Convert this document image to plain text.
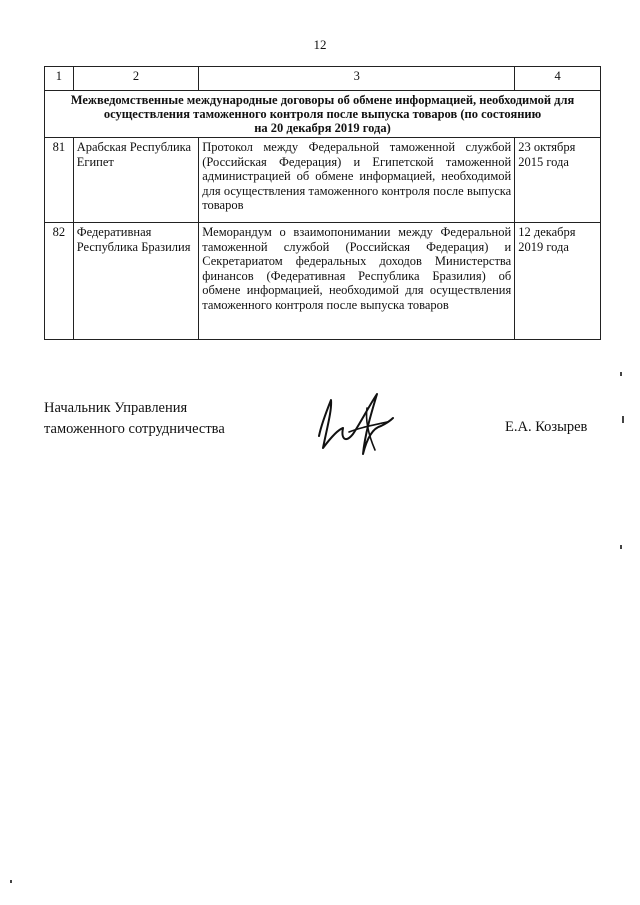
12
1	2	3	4
Межведомственные международные договоры об обмене информацией, необходимой для
осуществления таможенного контроля после выпуска товаров (по состоянию
на 20 декабря 2019 года)			
81	Арабская Республика Египет	Протокол между Федеральной таможенной службой (Российская Федерация) и Египетской таможенной администрацией об обмене информацией, необходимой для осуществления таможенного контроля после выпуска товаров	23 октября 2015 года
82	Федеративная Республика Бразилия	Меморандум о взаимопонимании между Федеральной таможенной службой (Российская Федерация) и Секретариатом федеральных доходов Министерства финансов (Федеративная Республика Бразилия) об обмене информацией, необходимой для осуществления таможенного контроля после выпуска товаров	12 декабря 2019 года
Начальник Управления
таможенного сотрудничества	Е.А. Козырев
